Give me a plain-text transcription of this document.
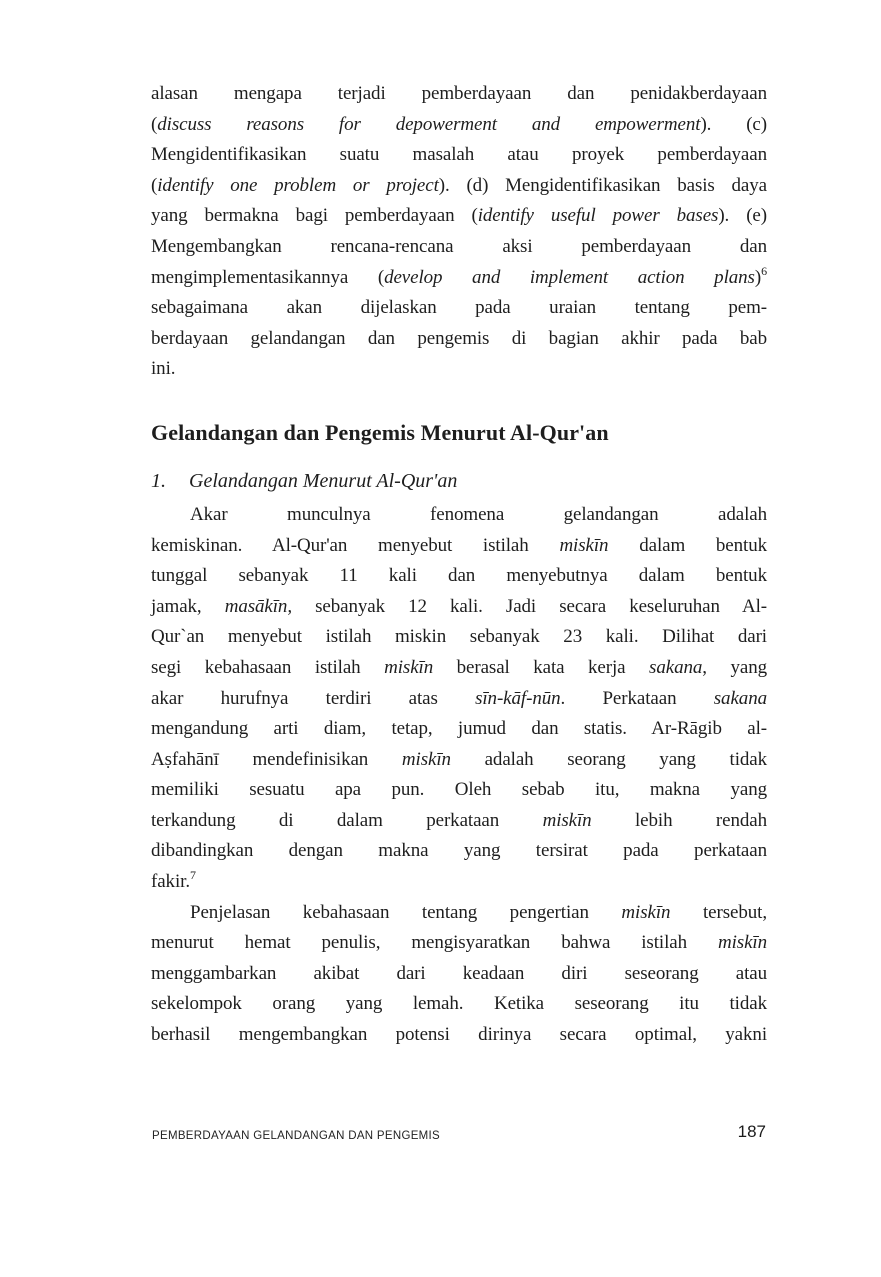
alasan mengapa terjadi pemberdayaan dan penidakberdayaan
(discuss reasons for depowerment and empowerment). (c)
Mengidentifikasikan suatu masalah atau proyek pemberdayaan
(identify one problem or project). (d) Mengidentifikasikan basis daya
yang bermakna bagi pemberdayaan (identify useful power bases). (e)
Mengembangkan rencana-rencana aksi pemberdayaan dan
mengimplementasikannya (develop and implement action plans)$^6$
sebagaimana akan dijelaskan pada uraian tentang pem-
berdayaan gelandangan dan pengemis di bagian akhir pada bab
ini.
Gelandangan dan Pengemis Menurut Al-Qur'an
1. Gelandangan Menurut Al-Qur'an
Akar munculnya fenomena gelandangan adalah
kemiskinan. Al-Qur'an menyebut istilah miskīn dalam bentuk
tunggal sebanyak 11 kali dan menyebutnya dalam bentuk
jamak, masākīn, sebanyak 12 kali. Jadi secara keseluruhan Al-
Qur`an menyebut istilah miskin sebanyak 23 kali. Dilihat dari
segi kebahasaan istilah miskīn berasal kata kerja sakana, yang
akar hurufnya terdiri atas sīn-kāf-nūn. Perkataan sakana
mengandung arti diam, tetap, jumud dan statis. Ar-Rāgib al-
Aṣfahānī mendefinisikan miskīn adalah seorang yang tidak
memiliki sesuatu apa pun. Oleh sebab itu, makna yang
terkandung di dalam perkataan miskīn lebih rendah
dibandingkan dengan makna yang tersirat pada perkataan
fakir.$^7$
Penjelasan kebahasaan tentang pengertian miskīn tersebut,
menurut hemat penulis, mengisyaratkan bahwa istilah miskīn
menggambarkan akibat dari keadaan diri seseorang atau
sekelompok orang yang lemah. Ketika seseorang itu tidak
berhasil mengembangkan potensi dirinya secara optimal, yakni
PEMBERDAYAAN GELANDANGAN DAN PENGEMIS	187
